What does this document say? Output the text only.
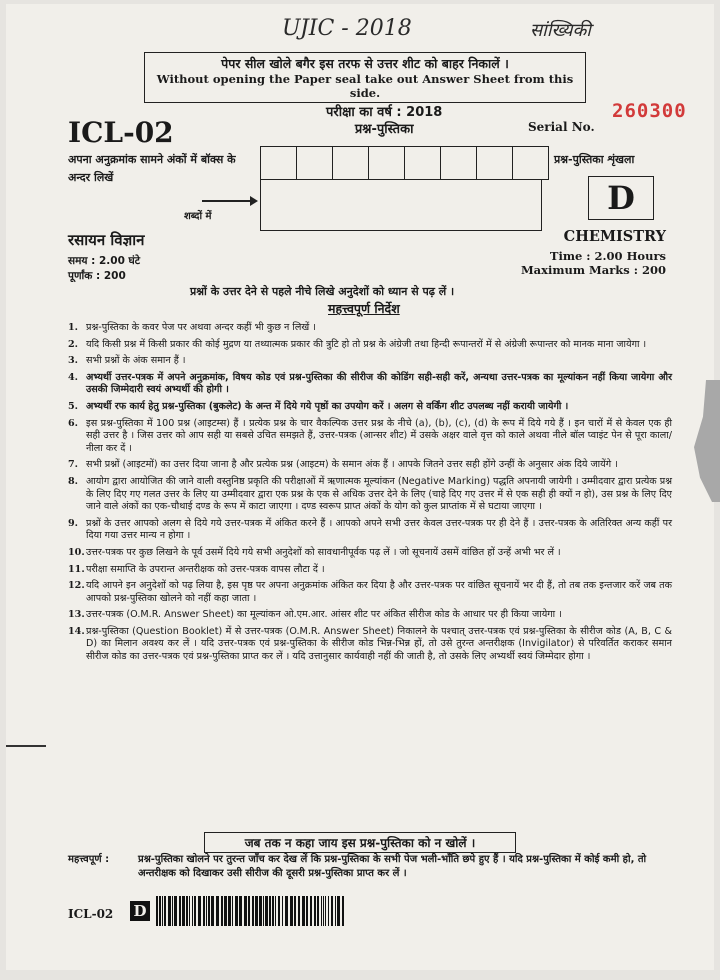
UJIC - 2018	सांख्यिकी
पेपर सील खोले बगैर इस तरफ से उत्तर शीट को बाहर निकालें ।
Without opening the Paper seal take out Answer Sheet from this side.
ICL-02
परीक्षा का वर्ष : 2018
प्रश्न-पुस्तिका	Serial No.
260300
अपना अनुक्रमांक सामने अंकों में बॉक्स के अन्दर लिखें
शब्दों में
प्रश्न-पुस्तिका शृंखला
D
रसायन विज्ञान
समय : 2.00 घंटे
पूर्णांक : 200
CHEMISTRY
Time : 2.00 Hours
Maximum Marks : 200
प्रश्नों के उत्तर देने से पहले नीचे लिखे अनुदेशों को ध्यान से पढ़ लें ।
महत्त्वपूर्ण निर्देश
1. प्रश्न-पुस्तिका के कवर पेज पर अथवा अन्दर कहीं भी कुछ न लिखें ।
2. यदि किसी प्रश्न में किसी प्रकार की कोई मुद्रण या तथ्यात्मक प्रकार की त्रुटि हो तो प्रश्न के अंग्रेजी तथा हिन्दी रूपान्तरों में से अंग्रेजी रूपान्तर को मानक माना जायेगा ।
3. सभी प्रश्नों के अंक समान हैं ।
4. अभ्यर्थी उत्तर-पत्रक में अपने अनुक्रमांक, विषय कोड एवं प्रश्न-पुस्तिका की सीरीज की कोडिंग सही-सही करें, अन्यथा उत्तर-पत्रक का मूल्यांकन नहीं किया जायेगा और उसकी जिम्मेदारी स्वयं अभ्यर्थी की होगी ।
5. अभ्यर्थी रफ कार्य हेतु प्रश्न-पुस्तिका (बुकलेट) के अन्त में दिये गये पृष्ठों का उपयोग करें । अलग से वर्किंग शीट उपलब्ध नहीं करायी जायेगी ।
6. इस प्रश्न-पुस्तिका में 100 प्रश्न (आइटम्स) हैं । प्रत्येक प्रश्न के चार वैकल्पिक उत्तर प्रश्न के नीचे (a), (b), (c), (d) के रूप में दिये गये हैं । इन चारों में से केवल एक ही सही उत्तर है । जिस उत्तर को आप सही या सबसे उचित समझते हैं, उत्तर-पत्रक (आन्सर शीट) में उसके अक्षर वाले वृत्त को काले अथवा नीले बॉल प्वाइंट पेन से पूरा काला/नीला कर दें ।
7. सभी प्रश्नों (आइटमों) का उत्तर दिया जाना है और प्रत्येक प्रश्न (आइटम) के समान अंक हैं । आपके जितने उत्तर सही होंगे उन्हीं के अनुसार अंक दिये जायेंगे ।
8. आयोग द्वारा आयोजित की जाने वाली वस्तुनिष्ठ प्रकृति की परीक्षाओं में ऋणात्मक मूल्यांकन (Negative Marking) पद्धति अपनायी जायेगी । उम्मीदवार द्वारा प्रत्येक प्रश्न के लिए दिए गए गलत उत्तर के लिए या उम्मीदवार द्वारा एक प्रश्न के एक से अधिक उत्तर देने के लिए (चाहे दिए गए उत्तर में से एक सही ही क्यों न हो), उस प्रश्न के लिए दिए जाने वाले अंकों का एक-चौथाई दण्ड के रूप में काटा जाएगा । दण्ड स्वरूप प्राप्त अंकों के योग को कुल प्राप्तांक में से घटाया जाएगा ।
9. प्रश्नों के उत्तर आपको अलग से दिये गये उत्तर-पत्रक में अंकित करने हैं । आपको अपने सभी उत्तर केवल उत्तर-पत्रक पर ही देने हैं । उत्तर-पत्रक के अतिरिक्त अन्य कहीं पर दिया गया उत्तर मान्य न होगा ।
10. उत्तर-पत्रक पर कुछ लिखने के पूर्व उसमें दिये गये सभी अनुदेशों को सावधानीपूर्वक पढ़ लें । जो सूचनायें उसमें वांछित हों उन्हें अभी भर लें ।
11. परीक्षा समाप्ति के उपरान्त अन्तरीक्षक को उत्तर-पत्रक वापस लौटा दें ।
12. यदि आपने इन अनुदेशों को पढ़ लिया है, इस पृष्ठ पर अपना अनुक्रमांक अंकित कर दिया है और उत्तर-पत्रक पर वांछित सूचनायें भर दी हैं, तो तब तक इन्तजार करें जब तक आपको प्रश्न-पुस्तिका खोलने को नहीं कहा जाता ।
13. उत्तर-पत्रक (O.M.R. Answer Sheet) का मूल्यांकन ओ.एम.आर. आंसर शीट पर अंकित सीरीज कोड के आधार पर ही किया जायेगा ।
14. प्रश्न-पुस्तिका (Question Booklet) में से उत्तर-पत्रक (O.M.R. Answer Sheet) निकालने के पश्चात् उत्तर-पत्रक एवं प्रश्न-पुस्तिका के सीरीज कोड (A, B, C & D) का मिलान अवश्य कर लें । यदि उत्तर-पत्रक एवं प्रश्न-पुस्तिका के सीरीज कोड भिन्न-भिन्न हों, तो उसे तुरन्त अन्तरीक्षक (Invigilator) से परिवर्तित कराकर समान सीरीज कोड का उत्तर-पत्रक एवं प्रश्न-पुस्तिका प्राप्त कर लें । यदि उत्तानुसार कार्यवाही नहीं की जाती है, तो उसके लिए अभ्यर्थी स्वयं जिम्मेदार होगा ।
जब तक न कहा जाय इस प्रश्न-पुस्तिका को न खोलें ।
महत्त्वपूर्ण :	प्रश्न-पुस्तिका खोलने पर तुरन्त जाँच कर देख लें कि प्रश्न-पुस्तिका के सभी पेज भली-भाँति छपे हुए हैं । यदि प्रश्न-पुस्तिका में कोई कमी हो, तो अन्तरीक्षक को दिखाकर उसी सीरीज की दूसरी प्रश्न-पुस्तिका प्राप्त कर लें ।
ICL-02 D
